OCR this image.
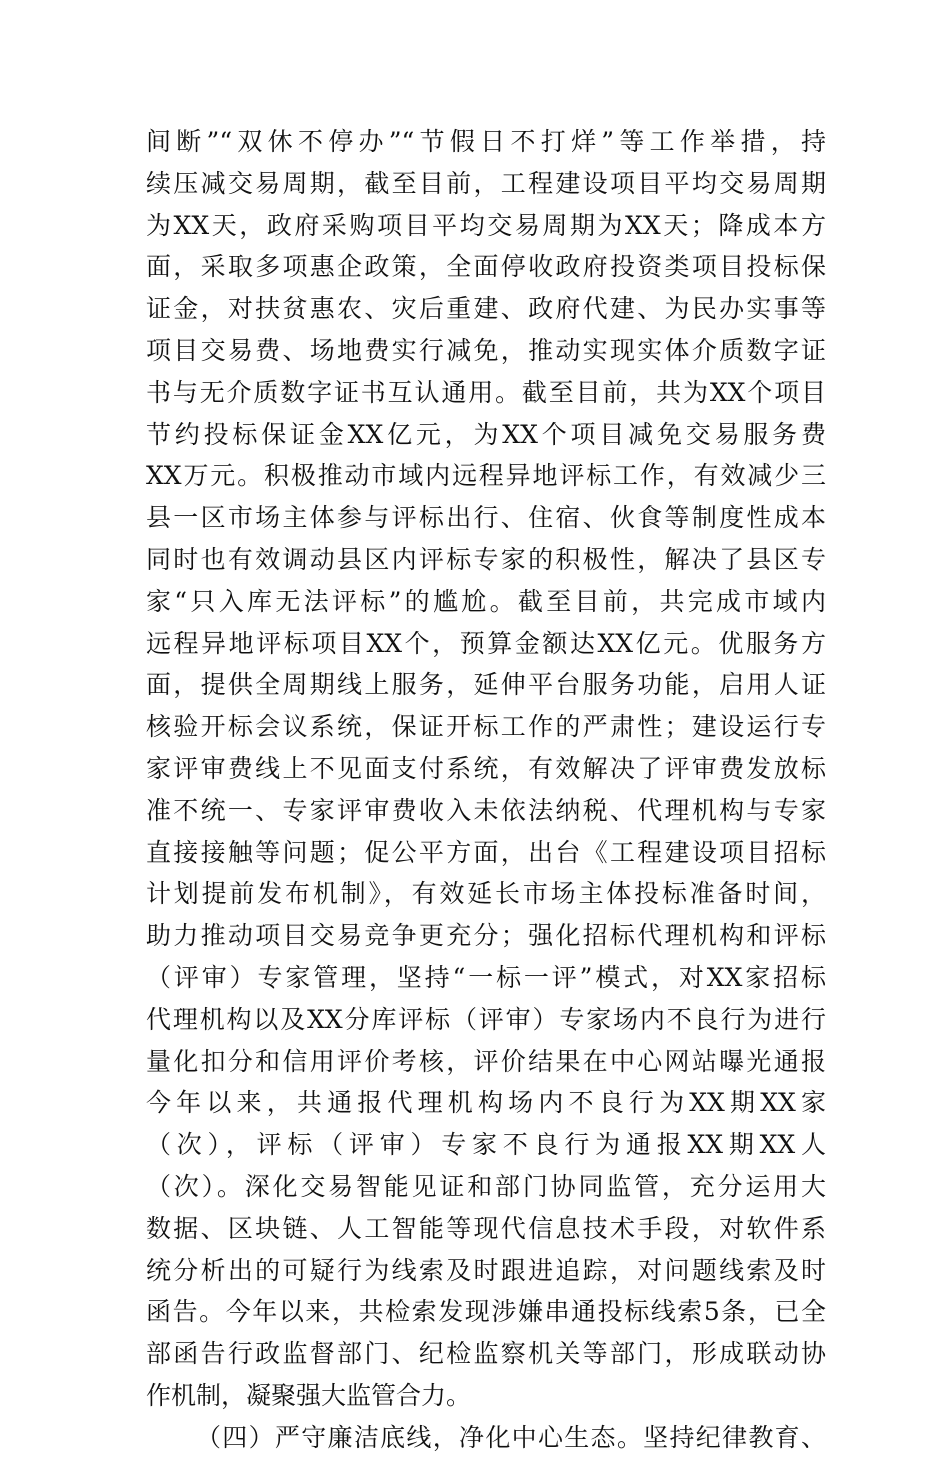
间断”“双休不停办”“节假日不打烊”等工作举措，持
续压减交易周期，截至目前，工程建设项目平均交易周期
为XX天，政府采购项目平均交易周期为XX天；降成本方
面，采取多项惠企政策，全面停收政府投资类项目投标保
证金，对扶贫惠农、灾后重建、政府代建、为民办实事等
项目交易费、场地费实行减免，推动实现实体介质数字证
书与无介质数字证书互认通用。截至目前，共为XX个项目
节约投标保证金XX亿元，为XX个项目减免交易服务费
XX万元。积极推动市域内远程异地评标工作，有效减少三
县一区市场主体参与评标出行、住宿、伙食等制度性成本
同时也有效调动县区内评标专家的积极性，解决了县区专
家“只入库无法评标”的尴尬。截至目前，共完成市域内
远程异地评标项目XX个，预算金额达XX亿元。优服务方
面，提供全周期线上服务，延伸平台服务功能，启用人证
核验开标会议系统，保证开标工作的严肃性；建设运行专
家评审费线上不见面支付系统，有效解决了评审费发放标
准不统一、专家评审费收入未依法纳税、代理机构与专家
直接接触等问题；促公平方面，出台《工程建设项目招标
计划提前发布机制》，有效延长市场主体投标准备时间，
助力推动项目交易竞争更充分；强化招标代理机构和评标
（评审）专家管理，坚持“一标一评”模式，对XX家招标
代理机构以及XX分库评标（评审）专家场内不良行为进行
量化扣分和信用评价考核，评价结果在中心网站曝光通报
今年以来，共通报代理机构场内不良行为XX期XX家
（次），评标（评审）专家不良行为通报XX期XX人
（次）。深化交易智能见证和部门协同监管，充分运用大
数据、区块链、人工智能等现代信息技术手段，对软件系
统分析出的可疑行为线索及时跟进追踪，对问题线索及时
函告。今年以来，共检索发现涉嫌串通投标线索5条，已全
部函告行政监督部门、纪检监察机关等部门，形成联动协
作机制，凝聚强大监管合力。
（四）严守廉洁底线，净化中心生态。坚持纪律教育、
